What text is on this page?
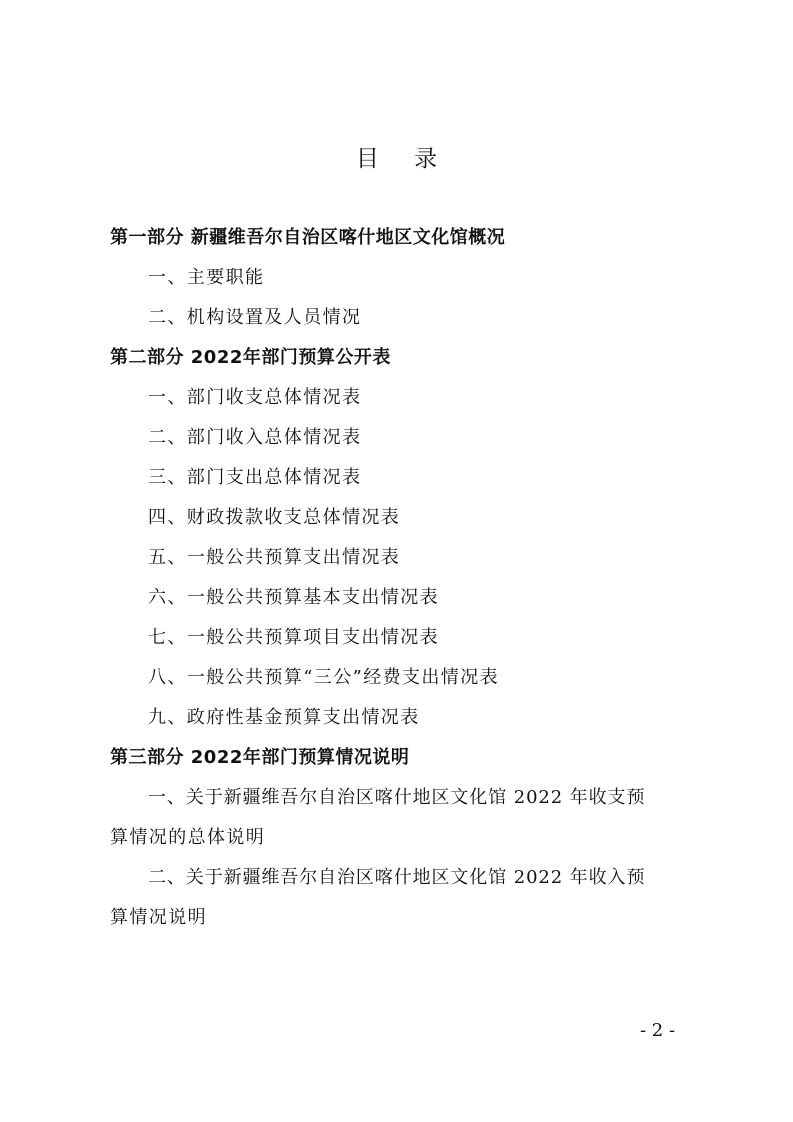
目 录
第一部分 新疆维吾尔自治区喀什地区文化馆概况
一、主要职能
二、机构设置及人员情况
第二部分 2022年部门预算公开表
一、部门收支总体情况表
二、部门收入总体情况表
三、部门支出总体情况表
四、财政拨款收支总体情况表
五、一般公共预算支出情况表
六、一般公共预算基本支出情况表
七、一般公共预算项目支出情况表
八、一般公共预算“三公”经费支出情况表
九、政府性基金预算支出情况表
第三部分 2022年部门预算情况说明
一、关于新疆维吾尔自治区喀什地区文化馆 2022 年收支预
算情况的总体说明
二、关于新疆维吾尔自治区喀什地区文化馆 2022 年收入预
算情况说明
- 2 -
